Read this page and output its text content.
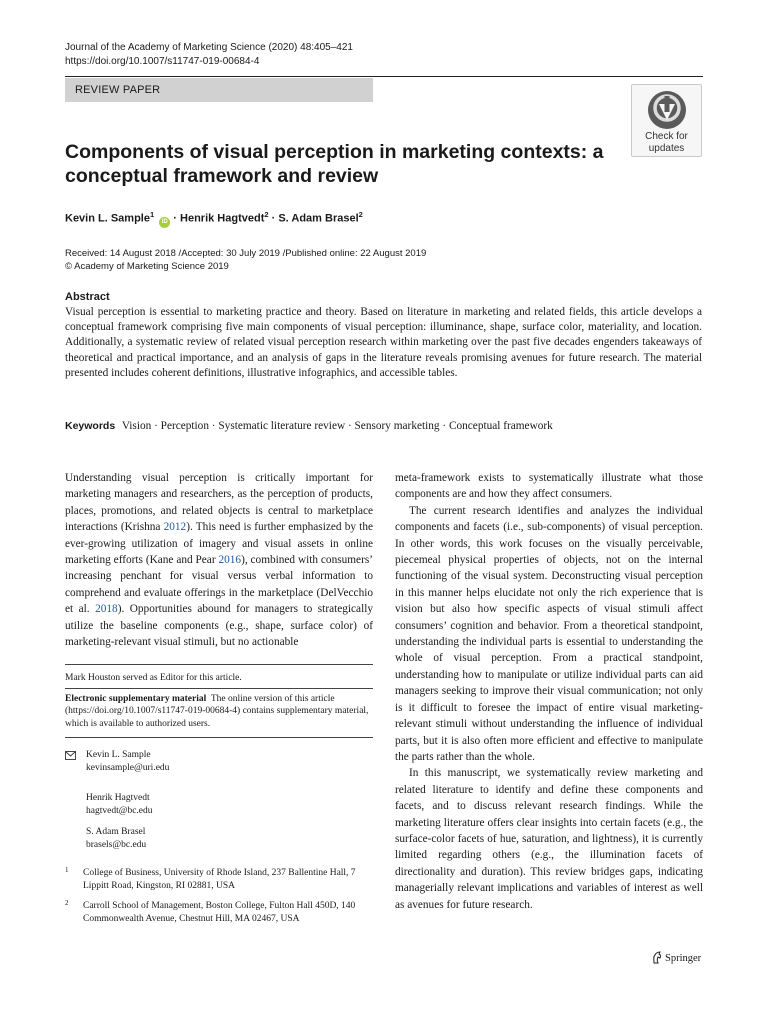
Journal of the Academy of Marketing Science (2020) 48:405–421
https://doi.org/10.1007/s11747-019-00684-4
REVIEW PAPER
Check for
updates
Components of visual perception in marketing contexts: a conceptual framework and review
Kevin L. Sample$^1$ iD · Henrik Hagtvedt$^2$ · S. Adam Brasel$^2$
Received: 14 August 2018 /Accepted: 30 July 2019 /Published online: 22 August 2019
© Academy of Marketing Science 2019
Abstract
Visual perception is essential to marketing practice and theory. Based on literature in marketing and related fields, this article develops a conceptual framework comprising five main components of visual perception: illuminance, shape, surface color, materiality, and location. Additionally, a systematic review of related visual perception research within marketing over the past five decades engenders takeaways of theoretical and practical importance, and an analysis of gaps in the literature reveals promising avenues for future research. The material presented includes coherent definitions, illustrative infographics, and accessible tables.
Keywords Vision · Perception · Systematic literature review · Sensory marketing · Conceptual framework

Understanding visual perception is critically important for marketing managers and researchers, as the perception of products, places, promotions, and related objects is central to marketplace interactions (Krishna 2012). This need is further emphasized by the ever-growing utilization of imagery and visual assets in online marketing efforts (Kane and Pear 2016), combined with consumers’ increasing penchant for visual versus verbal information to comprehend and evaluate offerings in the marketplace (DelVecchio et al. 2018). Opportunities abound for managers to strategically utilize the baseline components (e.g., shape, surface color) of marketing-relevant visual stimuli, but no actionable

meta-framework exists to systematically illustrate what those components are and how they affect consumers.

The current research identifies and analyzes the individual components and facets (i.e., sub-components) of visual perception. In other words, this work focuses on the visually perceivable, piecemeal physical properties of objects, not on the internal functioning of the visual system. Deconstructing visual perception in this manner helps elucidate not only the rich experience that is vision but also how specific aspects of visual stimuli affect consumers’ cognition and behavior. From a theoretical standpoint, understanding the individual parts is essential to understanding the whole of visual perception. From a practical standpoint, understanding how to manipulate or utilize individual parts can aid managers seeking to improve their visual communication; not only is it difficult to foresee the impact of entire visual marketing-relevant stimuli without understanding the influence of individual parts, but it is also often more efficient and effective to manipulate the parts rather than the whole.

In this manuscript, we systematically review marketing and related literature to identify and define these components and facets, and to discuss relevant research findings. While the marketing literature offers clear insights into certain facets (e.g., the surface-color facets of hue, saturation, and lightness), it is currently limited regarding others (e.g., the illumination facets of directionality and duration). This review bridges gaps, indicating managerially relevant implications and variables of interest as well as avenues for future research.

Mark Houston served as Editor for this article.
Electronic supplementary material The online version of this article (https://doi.org/10.1007/s11747-019-00684-4) contains supplementary material, which is available to authorized users.
Kevin L. Sample
kevinsample@uri.edu
Henrik Hagtvedt
hagtvedt@bc.edu
S. Adam Brasel
brasels@bc.edu
1 College of Business, University of Rhode Island, 237 Ballentine Hall, 7 Lippitt Road, Kingston, RI 02881, USA
2 Carroll School of Management, Boston College, Fulton Hall 450D, 140 Commonwealth Avenue, Chestnut Hill, MA 02467, USA
Springer
